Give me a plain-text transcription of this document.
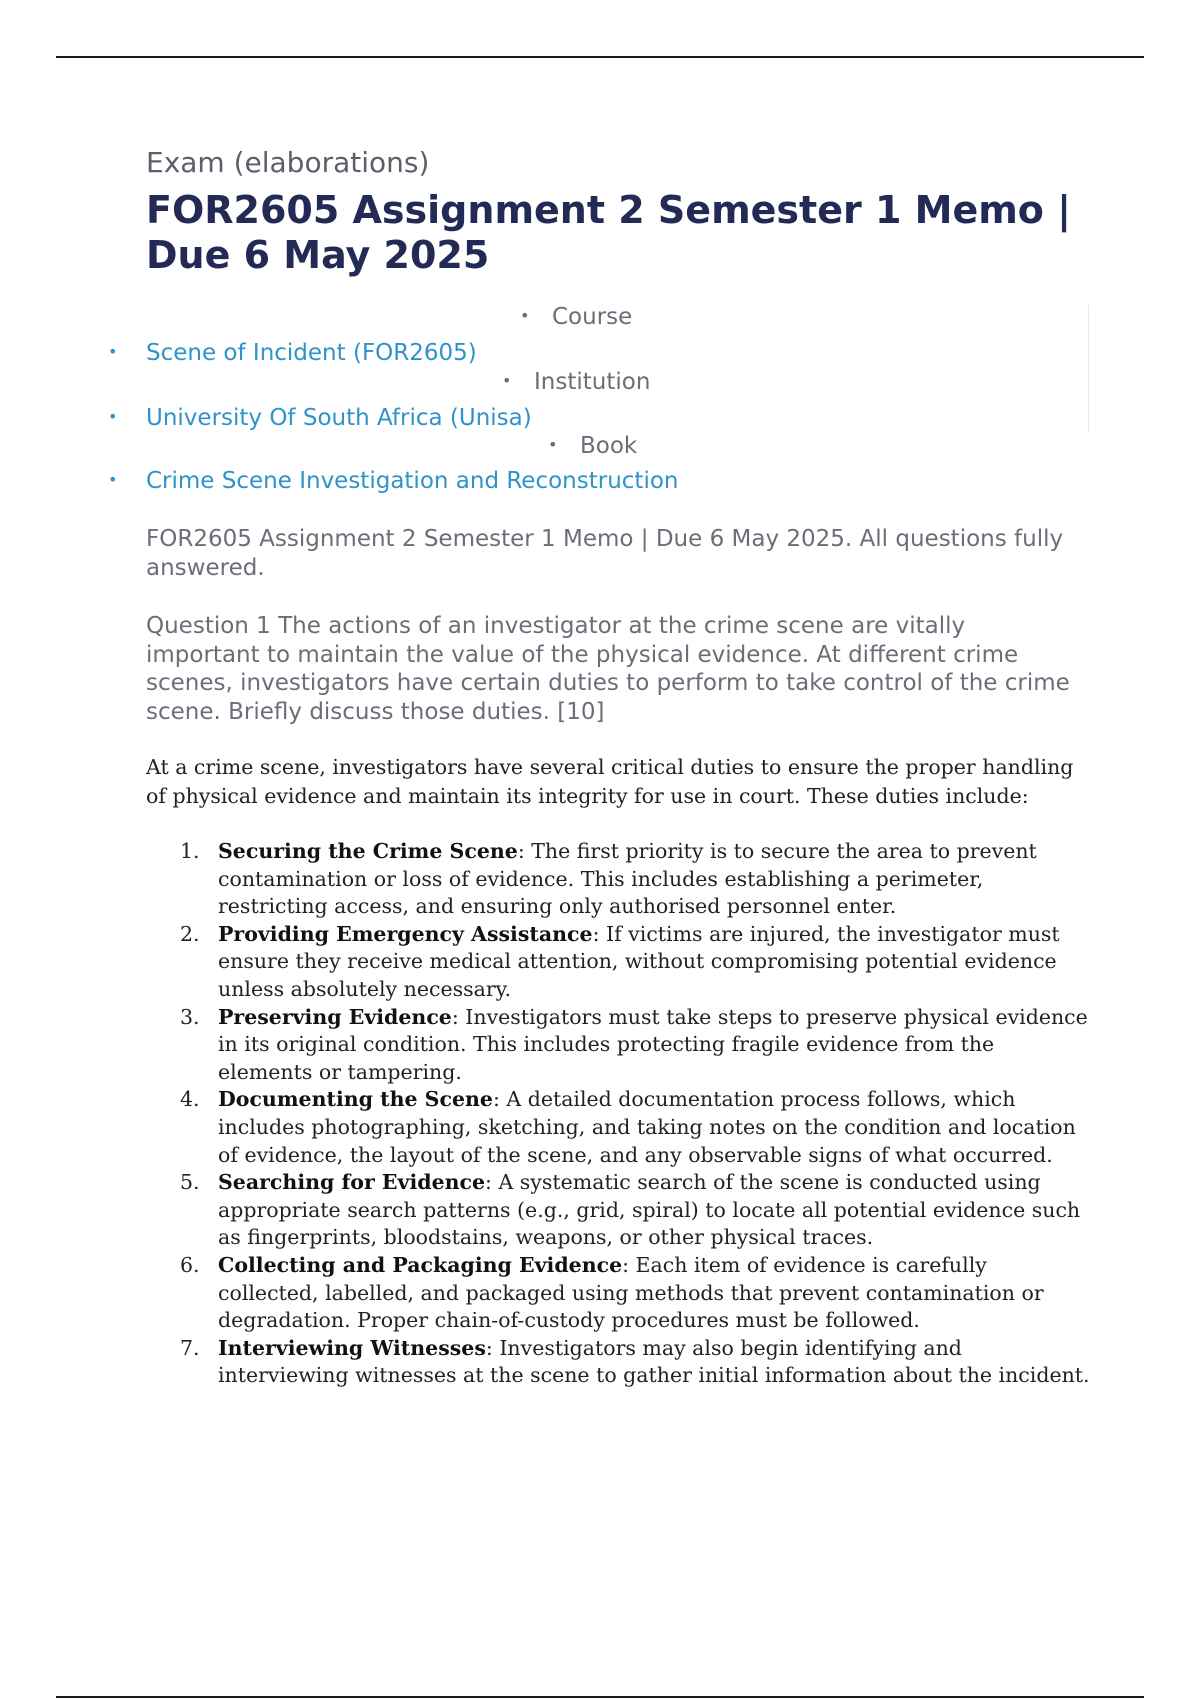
Exam (elaborations)
FOR2605 Assignment 2 Semester 1 Memo | Due 6 May 2025
• Course
• Scene of Incident (FOR2605)
• Institution
• University Of South Africa (Unisa)
• Book
• Crime Scene Investigation and Reconstruction

FOR2605 Assignment 2 Semester 1 Memo | Due 6 May 2025. All questions fully answered.

Question 1 The actions of an investigator at the crime scene are vitally important to maintain the value of the physical evidence. At different crime scenes, investigators have certain duties to perform to take control of the crime scene. Briefly discuss those duties. [10]

At a crime scene, investigators have several critical duties to ensure the proper handling of physical evidence and maintain its integrity for use in court. These duties include:

1. Securing the Crime Scene: The first priority is to secure the area to prevent contamination or loss of evidence. This includes establishing a perimeter, restricting access, and ensuring only authorised personnel enter.
2. Providing Emergency Assistance: If victims are injured, the investigator must ensure they receive medical attention, without compromising potential evidence unless absolutely necessary.
3. Preserving Evidence: Investigators must take steps to preserve physical evidence in its original condition. This includes protecting fragile evidence from the elements or tampering.
4. Documenting the Scene: A detailed documentation process follows, which includes photographing, sketching, and taking notes on the condition and location of evidence, the layout of the scene, and any observable signs of what occurred.
5. Searching for Evidence: A systematic search of the scene is conducted using appropriate search patterns (e.g., grid, spiral) to locate all potential evidence such as fingerprints, bloodstains, weapons, or other physical traces.
6. Collecting and Packaging Evidence: Each item of evidence is carefully collected, labelled, and packaged using methods that prevent contamination or degradation. Proper chain-of-custody procedures must be followed.
7. Interviewing Witnesses: Investigators may also begin identifying and interviewing witnesses at the scene to gather initial information about the incident.
